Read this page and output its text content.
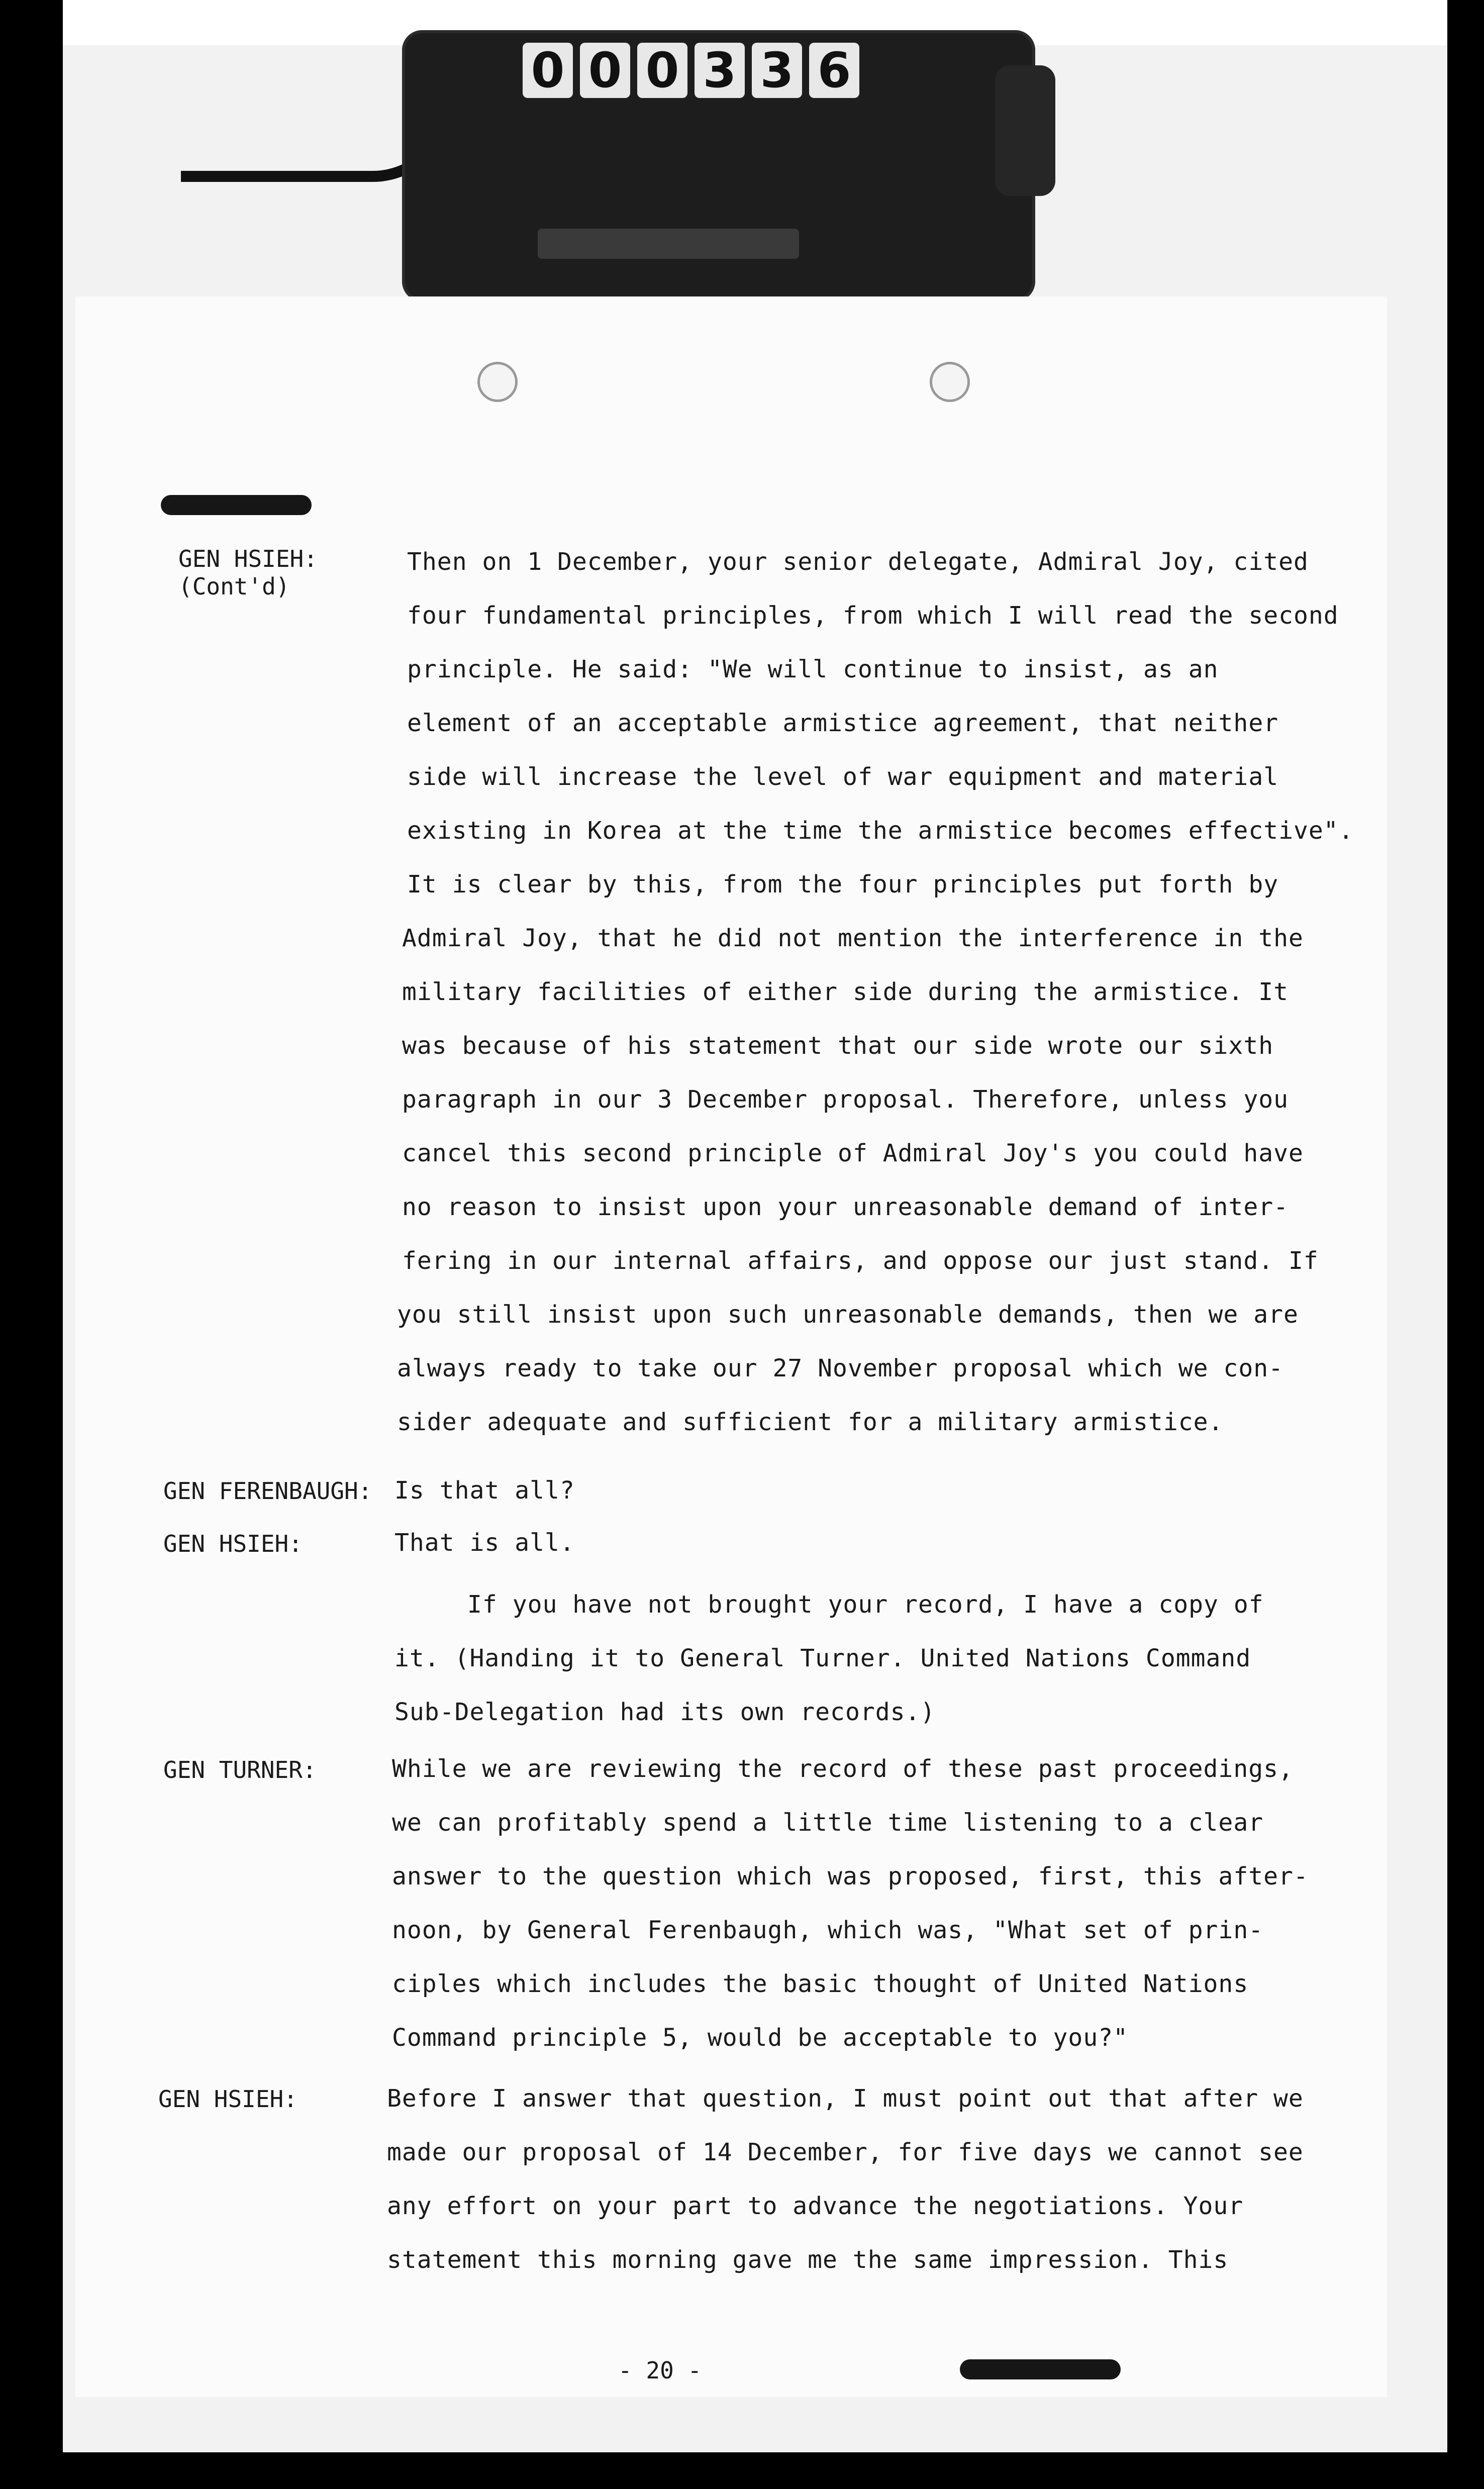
0 0 0 3 3 6
GEN HSIEH:
(Cont'd)
GEN FERENBAUGH:
GEN HSIEH:
GEN TURNER:
GEN HSIEH:
Then on 1 December, your senior delegate, Admiral Joy, cited
four fundamental principles, from which I will read the second
principle. He said: "We will continue to insist, as an
element of an acceptable armistice agreement, that neither
side will increase the level of war equipment and material
existing in Korea at the time the armistice becomes effective".
It is clear by this, from the four principles put forth by
Admiral Joy, that he did not mention the interference in the
military facilities of either side during the armistice. It
was because of his statement that our side wrote our sixth
paragraph in our 3 December proposal. Therefore, unless you
cancel this second principle of Admiral Joy's you could have
no reason to insist upon your unreasonable demand of inter-
fering in our internal affairs, and oppose our just stand. If
you still insist upon such unreasonable demands, then we are
always ready to take our 27 November proposal which we con-
sider adequate and sufficient for a military armistice.
Is that all?
That is all.
If you have not brought your record, I have a copy of
it. (Handing it to General Turner. United Nations Command
Sub-Delegation had its own records.)
While we are reviewing the record of these past proceedings,
we can profitably spend a little time listening to a clear
answer to the question which was proposed, first, this after-
noon, by General Ferenbaugh, which was, "What set of prin-
ciples which includes the basic thought of United Nations
Command principle 5, would be acceptable to you?"
Before I answer that question, I must point out that after we
made our proposal of 14 December, for five days we cannot see
any effort on your part to advance the negotiations. Your
statement this morning gave me the same impression. This
- 20 -
